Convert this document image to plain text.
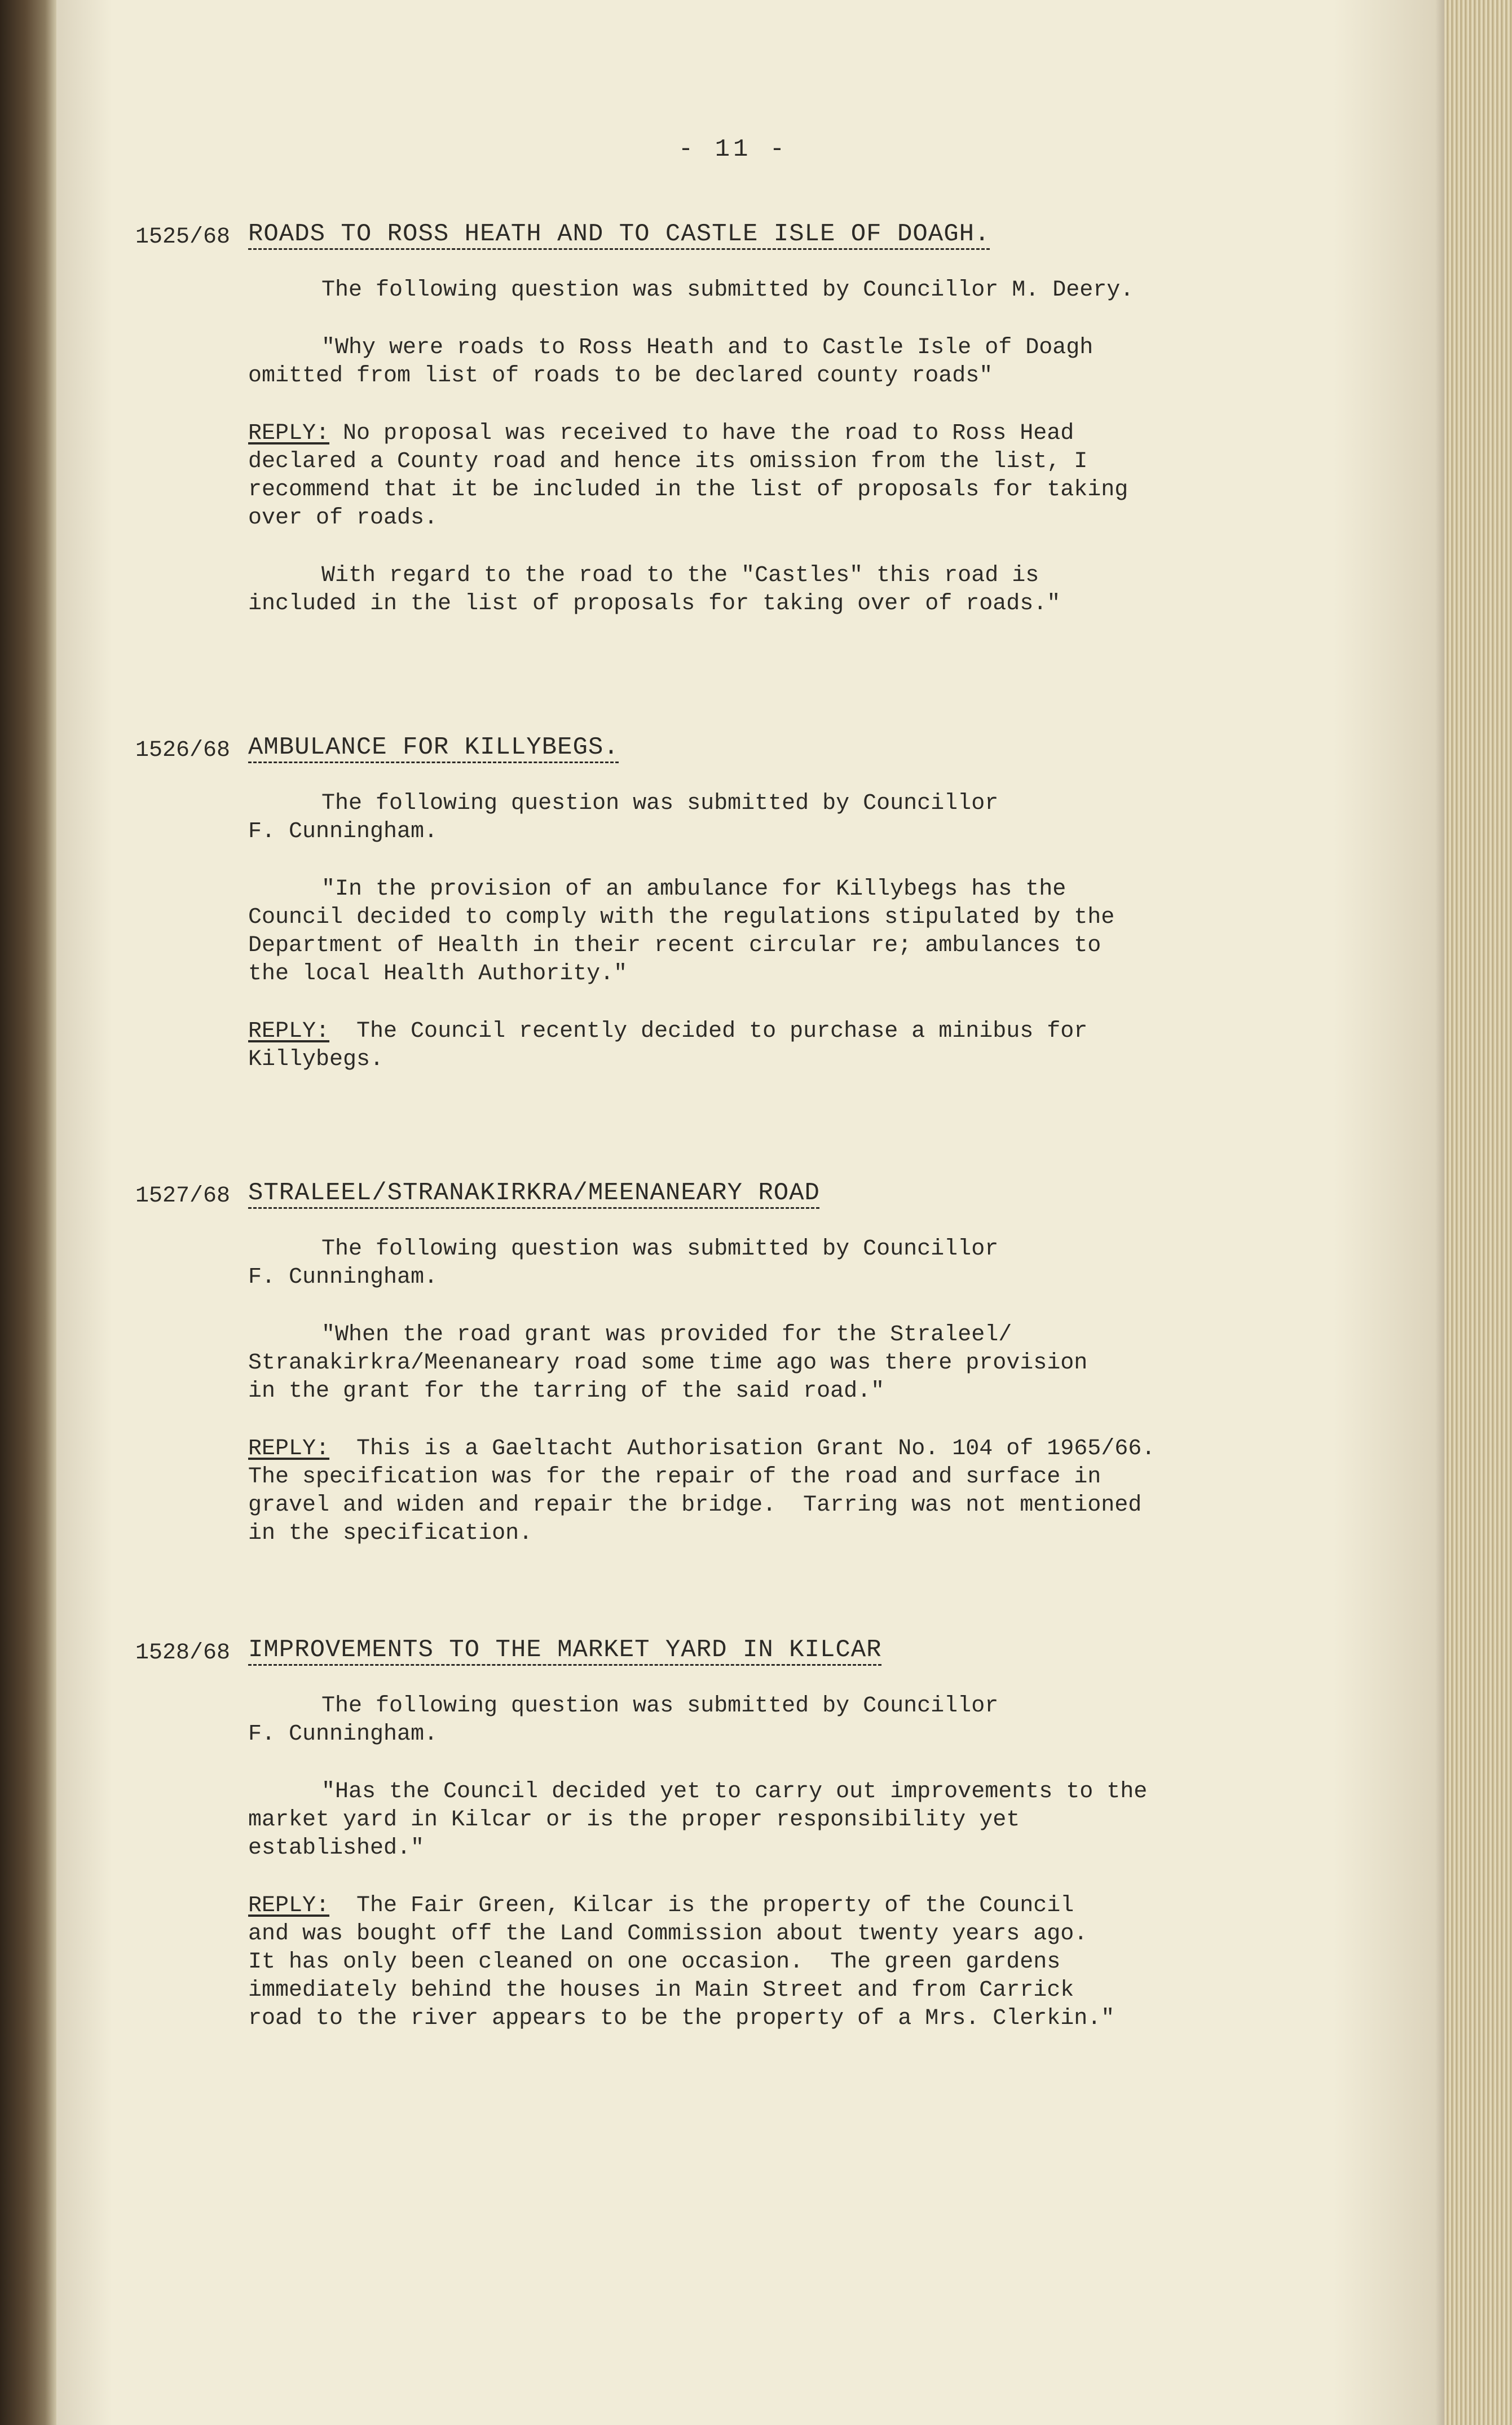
- 11 -
1525/68 ROADS TO ROSS HEATH AND TO CASTLE ISLE OF DOAGH.

The following question was submitted by Councillor M. Deery.

"Why were roads to Ross Heath and to Castle Isle of Doagh
omitted from list of roads to be declared county roads"

REPLY: No proposal was received to have the road to Ross Head
declared a County road and hence its omission from the list, I
recommend that it be included in the list of proposals for taking
over of roads.

With regard to the road to the "Castles" this road is
included in the list of proposals for taking over of roads."

1526/68 AMBULANCE FOR KILLYBEGS.

The following question was submitted by Councillor
F. Cunningham.

"In the provision of an ambulance for Killybegs has the
Council decided to comply with the regulations stipulated by the
Department of Health in their recent circular re; ambulances to
the local Health Authority."

REPLY:  The Council recently decided to purchase a minibus for
Killybegs.

1527/68 STRALEEL/STRANAKIRKRA/MEENANEARY ROAD

The following question was submitted by Councillor
F. Cunningham.

"When the road grant was provided for the Straleel/
Stranakirkra/Meenaneary road some time ago was there provision
in the grant for the tarring of the said road."

REPLY:  This is a Gaeltacht Authorisation Grant No. 104 of 1965/66.
The specification was for the repair of the road and surface in
gravel and widen and repair the bridge.  Tarring was not mentioned
in the specification.

1528/68 IMPROVEMENTS TO THE MARKET YARD IN KILCAR

The following question was submitted by Councillor
F. Cunningham.

"Has the Council decided yet to carry out improvements to the
market yard in Kilcar or is the proper responsibility yet
established."

REPLY:  The Fair Green, Kilcar is the property of the Council
and was bought off the Land Commission about twenty years ago.
It has only been cleaned on one occasion.  The green gardens
immediately behind the houses in Main Street and from Carrick
road to the river appears to be the property of a Mrs. Clerkin."
